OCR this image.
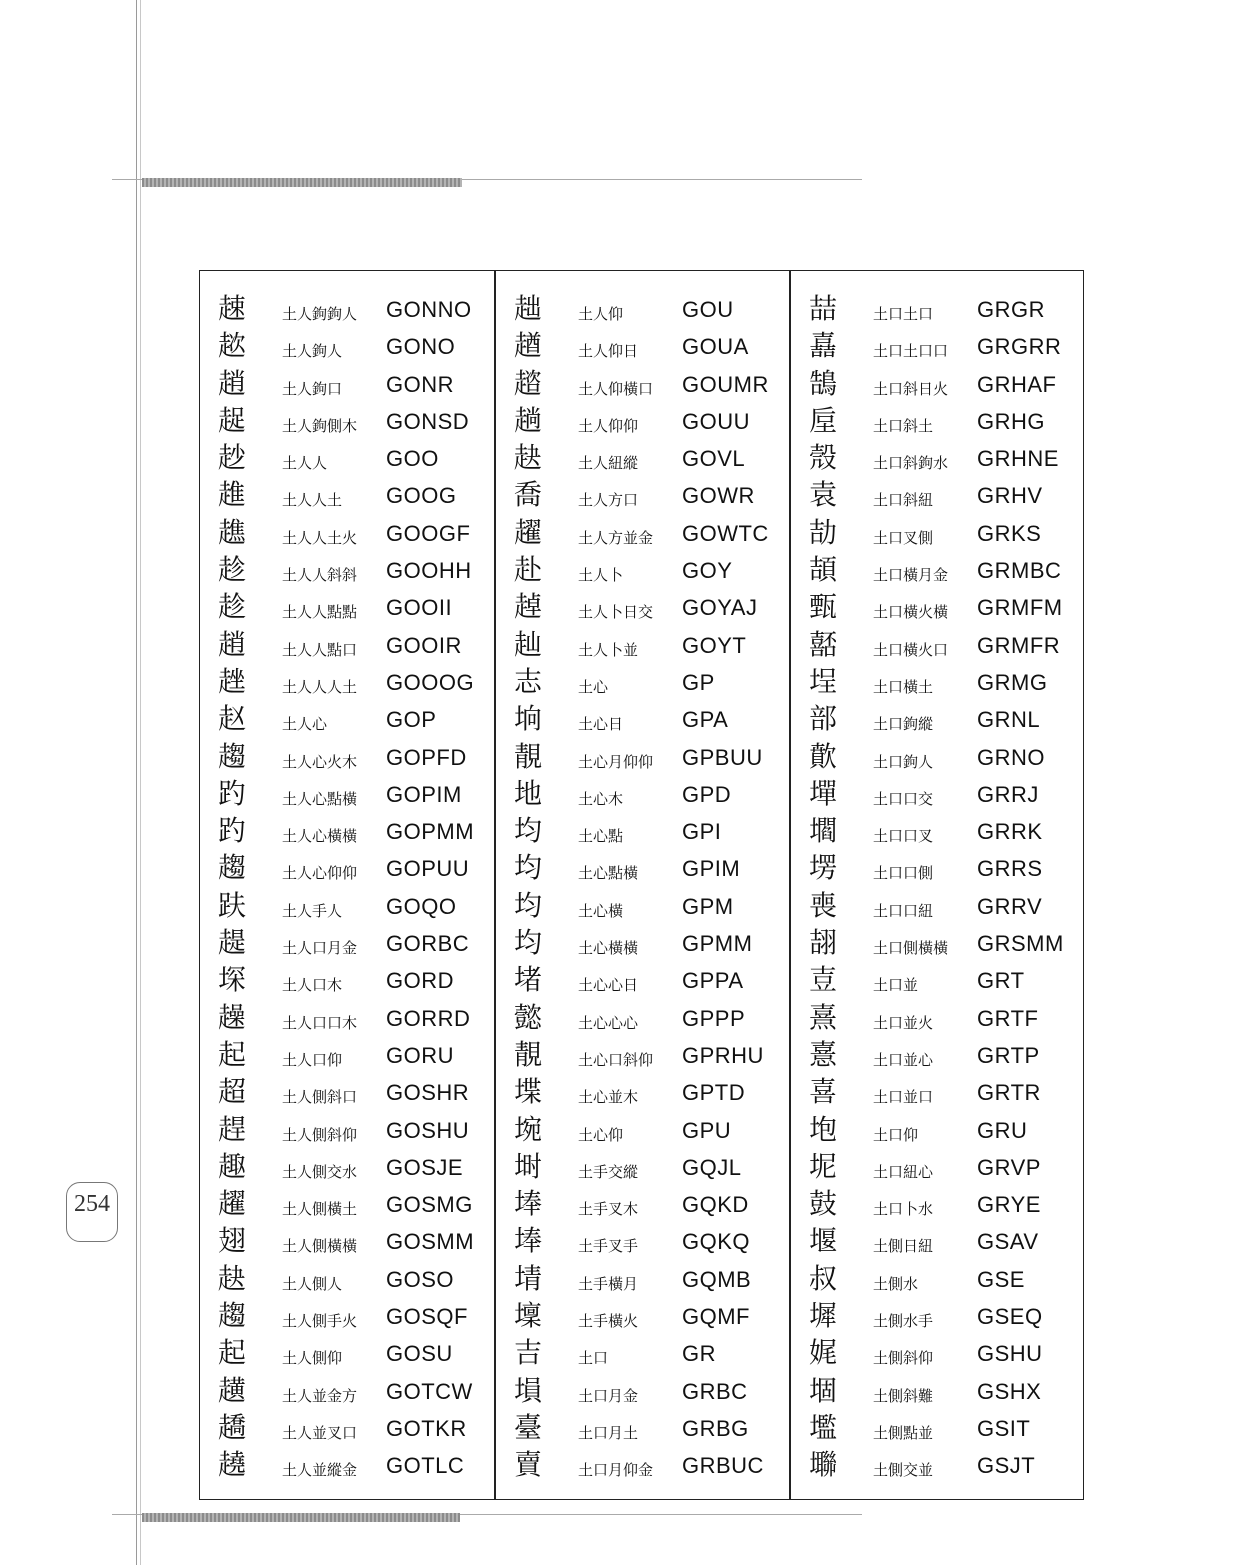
254
趚 土人鉤鉤人 GONNO
趑 土人鉤人 GONO
趙 土人鉤口 GONR
趗 土人鉤側木 GONSD
赻 土人人	GOO
趡 土人人土 GOOG
趭 土人人土火 GOOGF
趁 土人人斜斜 GOOHH
趁 土人人點點 GOOII
趙 土人人點口 GOOIR
趖 土人人人土 GOOOG
赵 土人心	GOP
趨 土人心火木 GOPFD
趵 土人心點橫 GOPIM
趵 土人心橫橫 GOPMM
趨 土人心仰仰 GOPUU
趺 土人手人 GOQO
趧 土人口月金 GORBC
堔 土人口木 GORD
趮 土人口口木 GORRD
起 土人口仰 GORU
超 土人側斜口 GOSHR
趕 土人側斜仰 GOSHU
趣 土人側交水 GOSJE
趯 土人側橫土 GOSMG
翅 土人側橫橫 GOSMM
赽 土人側人 GOSO
趨 土人側手火 GOSQF
起 土人側仰 GOSU
趪 土人並金方 GOTCW
趫 土人並叉口 GOTKR
趬 土人並縱金 GOTLC
趉 土人仰	GOU
趥 土人仰日 GOUA
趦 土人仰橫口 GOUMR
趟 土人仰仰 GOUU
赽 土人紐縱 GOVL
喬 土人方口 GOWR
趯 土人方並金 GOWTC
赴 土人卜	GOY
趠 土人卜日交 GOYAJ
赸 土人卜並 GOYT
志 土心	GP
垧 土心日	GPA
靚 土心月仰仰 GPBUU
地 土心木	GPD
均 土心點	GPI
均 土心點橫 GPIM
均 土心橫	GPM
均 土心橫橫 GPMM
堵 土心心日 GPPA
懿 土心心心 GPPP
靚 土心口斜仰 GPRHU
堞 土心並木 GPTD
埦 土心仰	GPU
埘 土手交縱 GQJL
埲 土手叉木 GQKD
埲 土手叉手 GQKQ
埥 土手橫月 GQMB
壈 土手橫火 GQMF
吉 土口	GR
塤 土口月金 GRBC
臺 土口月土 GRBG
賣 土口月仰金 GRBUC
喆 土口土口 GRGR
嚞 土口土口口 GRGRR
鵠 土口斜日火 GRHAF
垕 土口斜土 GRHG
殼 土口斜鉤水 GRHNE
袁 土口斜紐 GRHV
劼 土口叉側 GRKS
頡 土口橫月金 GRMBC
甄 土口橫火橫 GRMFM
嚭 土口橫火口 GRMFR
埕 土口橫土 GRMG
部 土口鉤縱 GRNL
歕 土口鉤人 GRNO
墠 土口口交 GRRJ
壛 土口口叉 GRRK
塄 土口口側 GRRS
喪 土口口紐 GRRV
翓 土口側橫橫 GRSMM
壴 土口並	GRT
熹 土口並火 GRTF
憙 土口並心 GRTP
喜 土口並口 GRTR
垉 土口仰	GRU
坭 土口紐心 GRVP
鼓 土口卜水 GRYE
堰 土側日紐 GSAV
叔 土側水	GSE
墀 土側水手 GSEQ
娓 土側斜仰 GSHU
堌 土側斜難 GSHX
壏 土側點並 GSIT
壣 土側交並 GSJT
